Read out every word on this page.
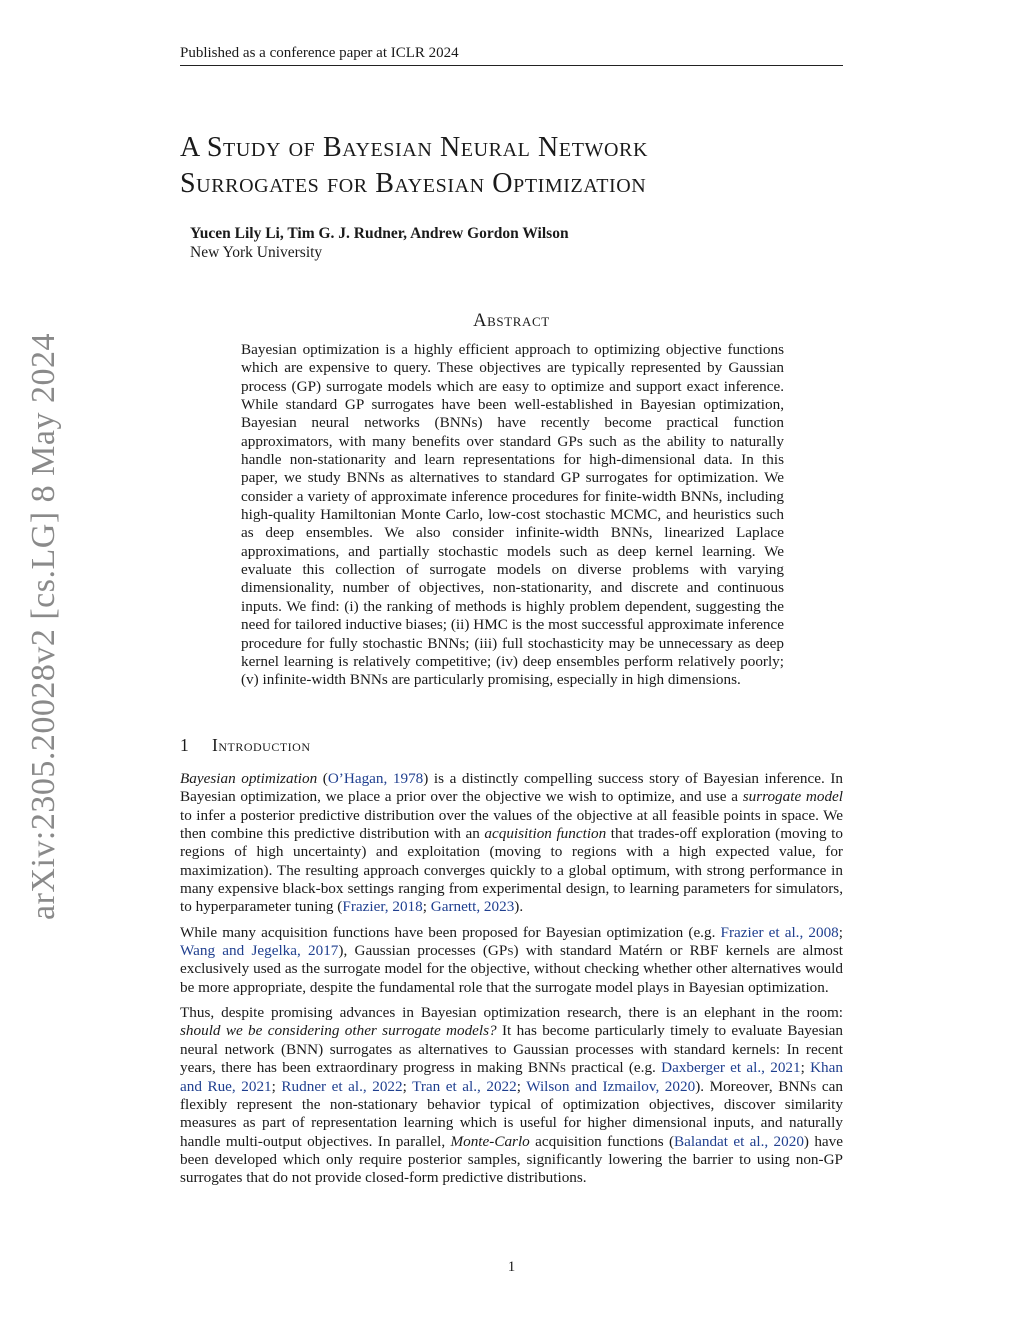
Published as a conference paper at ICLR 2024
arXiv:2305.20028v2 [cs.LG] 8 May 2024
A Study of Bayesian Neural Network
Surrogates for Bayesian Optimization
Yucen Lily Li, Tim G. J. Rudner, Andrew Gordon Wilson
New York University
Abstract
Bayesian optimization is a highly efficient approach to optimizing objective functions which are expensive to query. These objectives are typically represented by Gaussian process (GP) surrogate models which are easy to optimize and support exact inference. While standard GP surrogates have been well-established in Bayesian optimization, Bayesian neural networks (BNNs) have recently become practical function approximators, with many benefits over standard GPs such as the ability to naturally handle non-stationarity and learn representations for high-dimensional data. In this paper, we study BNNs as alternatives to standard GP surrogates for optimization. We consider a variety of approximate inference procedures for finite-width BNNs, including high-quality Hamiltonian Monte Carlo, low-cost stochastic MCMC, and heuristics such as deep ensembles. We also consider infinite-width BNNs, linearized Laplace approximations, and partially stochastic models such as deep kernel learning. We evaluate this collection of surrogate models on diverse problems with varying dimensionality, number of objectives, non-stationarity, and discrete and continuous inputs. We find: (i) the ranking of methods is highly problem dependent, suggesting the need for tailored inductive biases; (ii) HMC is the most successful approximate inference procedure for fully stochastic BNNs; (iii) full stochasticity may be unnecessary as deep kernel learning is relatively competitive; (iv) deep ensembles perform relatively poorly; (v) infinite-width BNNs are particularly promising, especially in high dimensions.
1 Introduction

Bayesian optimization (O’Hagan, 1978) is a distinctly compelling success story of Bayesian inference. In Bayesian optimization, we place a prior over the objective we wish to optimize, and use a surrogate model to infer a posterior predictive distribution over the values of the objective at all feasible points in space. We then combine this predictive distribution with an acquisition function that trades-off exploration (moving to regions of high uncertainty) and exploitation (moving to regions with a high expected value, for maximization). The resulting approach converges quickly to a global optimum, with strong performance in many expensive black-box settings ranging from experimental design, to learning parameters for simulators, to hyperparameter tuning (Frazier, 2018; Garnett, 2023).

While many acquisition functions have been proposed for Bayesian optimization (e.g. Frazier et al., 2008; Wang and Jegelka, 2017), Gaussian processes (GPs) with standard Matérn or RBF kernels are almost exclusively used as the surrogate model for the objective, without checking whether other alternatives would be more appropriate, despite the fundamental role that the surrogate model plays in Bayesian optimization.

Thus, despite promising advances in Bayesian optimization research, there is an elephant in the room: should we be considering other surrogate models? It has become particularly timely to evaluate Bayesian neural network (BNN) surrogates as alternatives to Gaussian processes with standard kernels: In recent years, there has been extraordinary progress in making BNNs practical (e.g. Daxberger et al., 2021; Khan and Rue, 2021; Rudner et al., 2022; Tran et al., 2022; Wilson and Izmailov, 2020). Moreover, BNNs can flexibly represent the non-stationary behavior typical of optimization objectives, discover similarity measures as part of representation learning which is useful for higher dimensional inputs, and naturally handle multi-output objectives. In parallel, Monte-Carlo acquisition functions (Balandat et al., 2020) have been developed which only require posterior samples, significantly lowering the barrier to using non-GP surrogates that do not provide closed-form predictive distributions.

1
